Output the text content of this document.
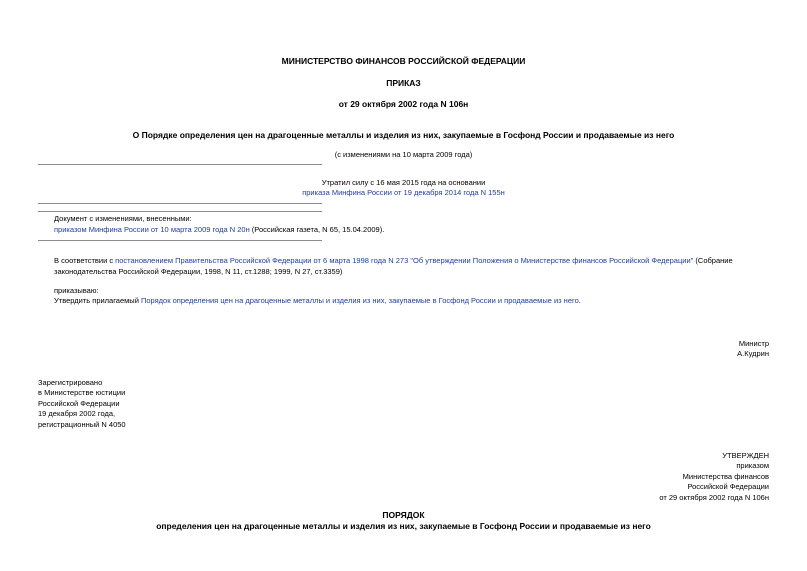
МИНИСТЕРСТВО ФИНАНСОВ РОССИЙСКОЙ ФЕДЕРАЦИИ
ПРИКАЗ
от 29 октября 2002 года N 106н
О Порядке определения цен на драгоценные металлы и изделия из них, закупаемые в Госфонд России и продаваемые из него
(с изменениями на 10 марта 2009 года)
Утратил силу с 16 мая 2015 года на основании
приказа Минфина России от 19 декабря 2014 года N 155н
Документ с изменениями, внесенными:
приказом Минфина России от 10 марта 2009 года N 20н (Российская газета, N 65, 15.04.2009).
В соответствии с постановлением Правительства Российской Федерации от 6 марта 1998 года N 273 "Об утверждении Положения о Министерстве финансов Российской Федерации" (Собрание законодательства Российской Федерации, 1998, N 11, ст.1288; 1999, N 27, ст.3359)
приказываю:
Утвердить прилагаемый Порядок определения цен на драгоценные металлы и изделия из них, закупаемые в Госфонд России и продаваемые из него.
Министр
А.Кудрин
Зарегистрировано
в Министерстве юстиции
Российской Федерации
19 декабря 2002 года,
регистрационный N 4050
УТВЕРЖДЕН
приказом
Министерства финансов
Российской Федерации
от 29 октября 2002 года N 106н
ПОРЯДОК
определения цен на драгоценные металлы и изделия из них, закупаемые в Госфонд России и продаваемые из него
